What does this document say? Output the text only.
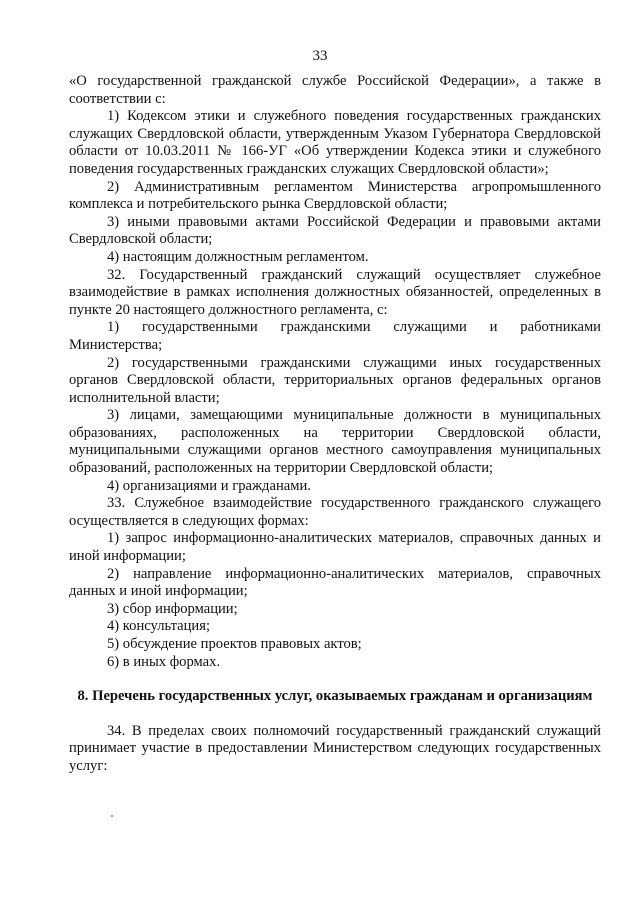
33

«О государственной гражданской службе Российской Федерации», а также в соответствии с:

1) Кодексом этики и служебного поведения государственных гражданских служащих Свердловской области, утвержденным Указом Губернатора Свердловской области от 10.03.2011 № 166-УГ «Об утверждении Кодекса этики и служебного поведения государственных гражданских служащих Свердловской области»;

2) Административным регламентом Министерства агропромышленного комплекса и потребительского рынка Свердловской области;

3) иными правовыми актами Российской Федерации и правовыми актами Свердловской области;

4) настоящим должностным регламентом.

32. Государственный гражданский служащий осуществляет служебное взаимодействие в рамках исполнения должностных обязанностей, определенных в пункте 20 настоящего должностного регламента, с:

1) государственными гражданскими служащими и работниками Министерства;

2) государственными гражданскими служащими иных государственных органов Свердловской области, территориальных органов федеральных органов исполнительной власти;

3) лицами, замещающими муниципальные должности в муниципальных образованиях, расположенных на территории Свердловской области, муниципальными служащими органов местного самоуправления муниципальных образований, расположенных на территории Свердловской области;

4) организациями и гражданами.

33. Служебное взаимодействие государственного гражданского служащего осуществляется в следующих формах:

1) запрос информационно-аналитических материалов, справочных данных и иной информации;

2) направление информационно-аналитических материалов, справочных данных и иной информации;

3) сбор информации;

4) консультация;

5) обсуждение проектов правовых актов;

6) в иных формах.

8. Перечень государственных услуг, оказываемых гражданам и организациям

34. В пределах своих полномочий государственный гражданский служащий принимает участие в предоставлении Министерством следующих государственных услуг:
